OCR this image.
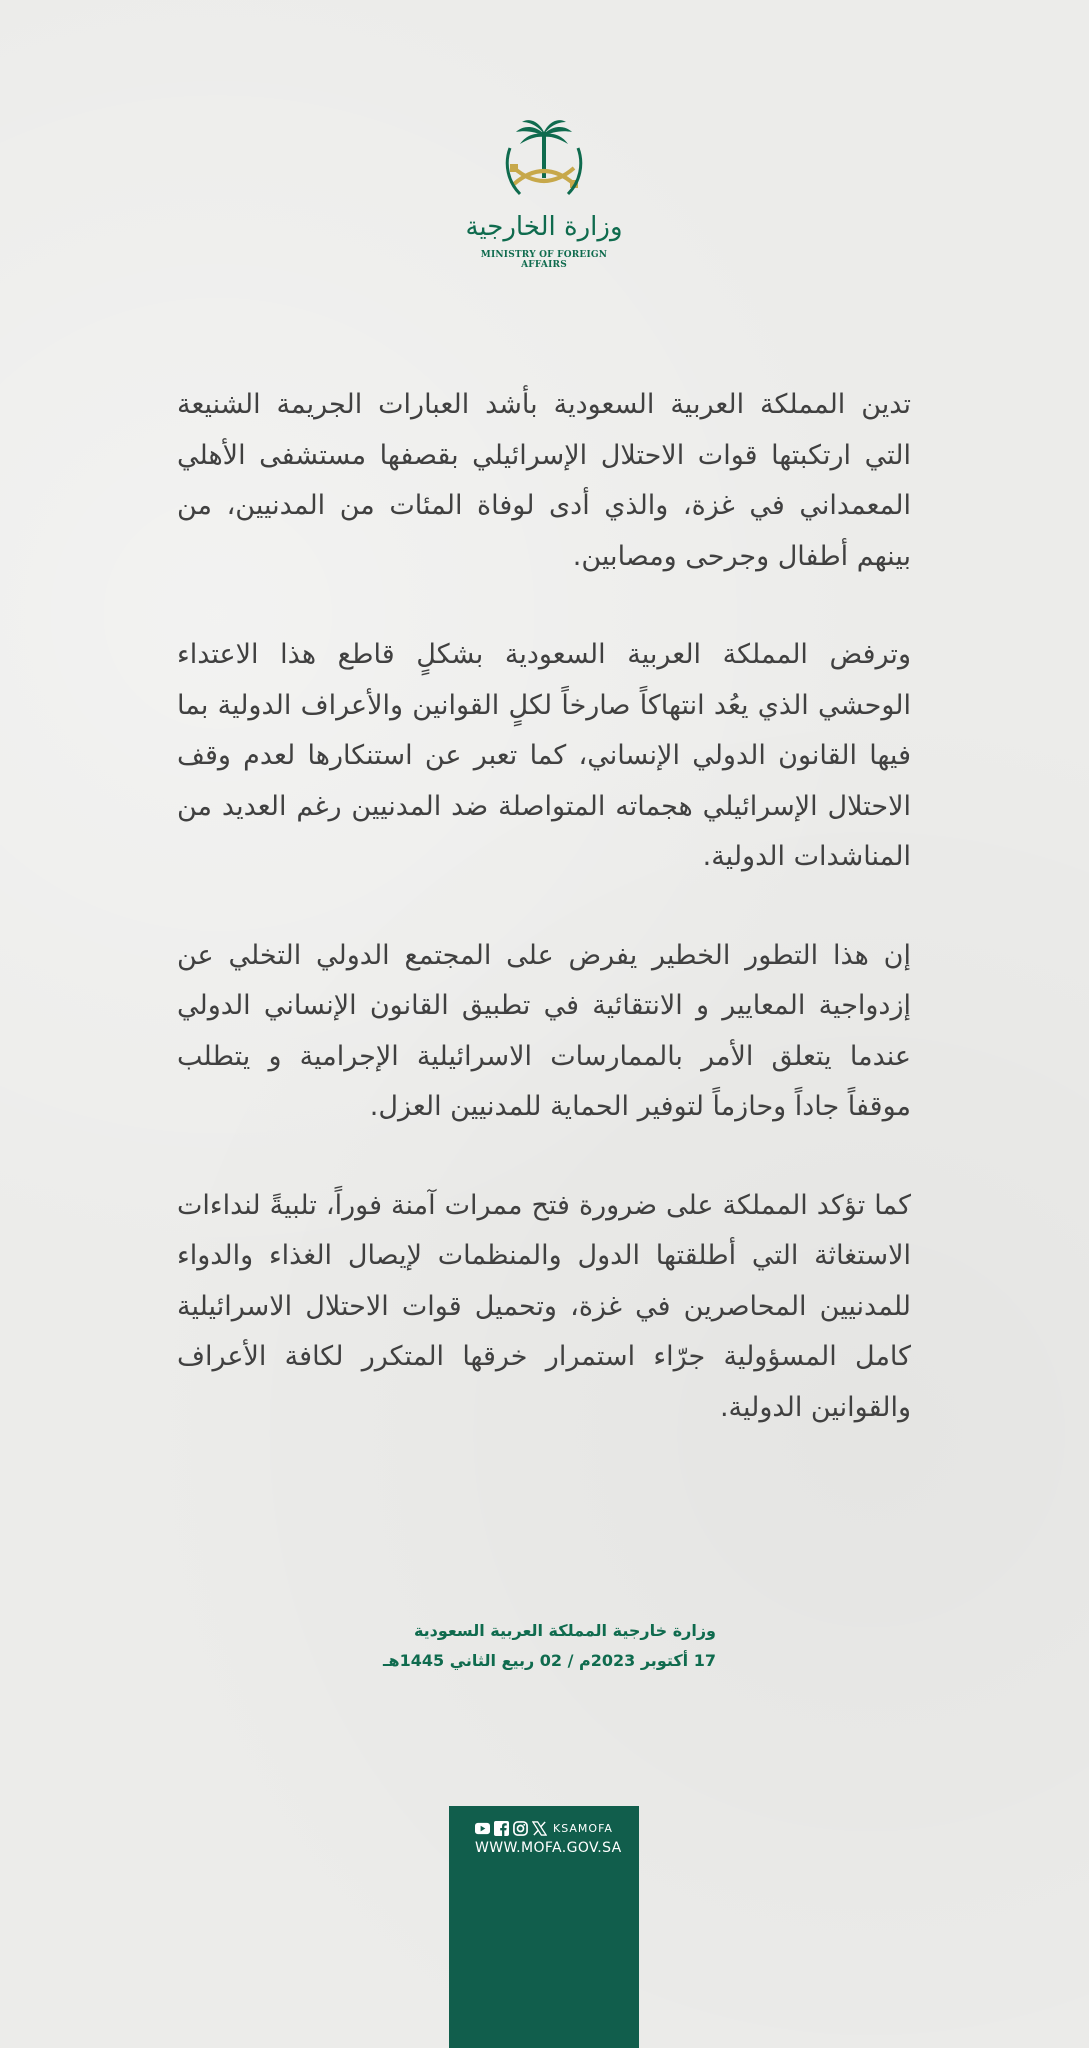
وزارة الخارجية
MINISTRY OF FOREIGN AFFAIRS

تدين المملكة العربية السعودية بأشد العبارات الجريمة الشنيعة التي ارتكبتها قوات الاحتلال الإسرائيلي بقصفها مستشفى الأهلي المعمداني في غزة، والذي أدى لوفاة المئات من المدنيين، من بينهم أطفال وجرحى ومصابين.

وترفض المملكة العربية السعودية بشكلٍ قاطع هذا الاعتداء الوحشي الذي يعُد انتهاكاً صارخاً لكلٍ القوانين والأعراف الدولية بما فيها القانون الدولي الإنساني، كما تعبر عن استنكارها لعدم وقف الاحتلال الإسرائيلي هجماته المتواصلة ضد المدنيين رغم العديد من المناشدات الدولية.

إن هذا التطور الخطير يفرض على المجتمع الدولي التخلي عن إزدواجية المعايير و الانتقائية في تطبيق القانون الإنساني الدولي عندما يتعلق الأمر بالممارسات الاسرائيلية الإجرامية و يتطلب موقفاً جاداً وحازماً لتوفير الحماية للمدنيين العزل.

كما تؤكد المملكة على ضرورة فتح ممرات آمنة فوراً، تلبيةً لنداءات الاستغاثة التي أطلقتها الدول والمنظمات لإيصال الغذاء والدواء للمدنيين المحاصرين في غزة، وتحميل قوات الاحتلال الاسرائيلية كامل المسؤولية جرّاء استمرار خرقها المتكرر لكافة الأعراف والقوانين الدولية.

وزارة خارجية المملكة العربية السعودية
17 أكتوبر 2023م / 02 ربيع الثاني 1445هـ
KSAMOFA
WWW.MOFA.GOV.SA
